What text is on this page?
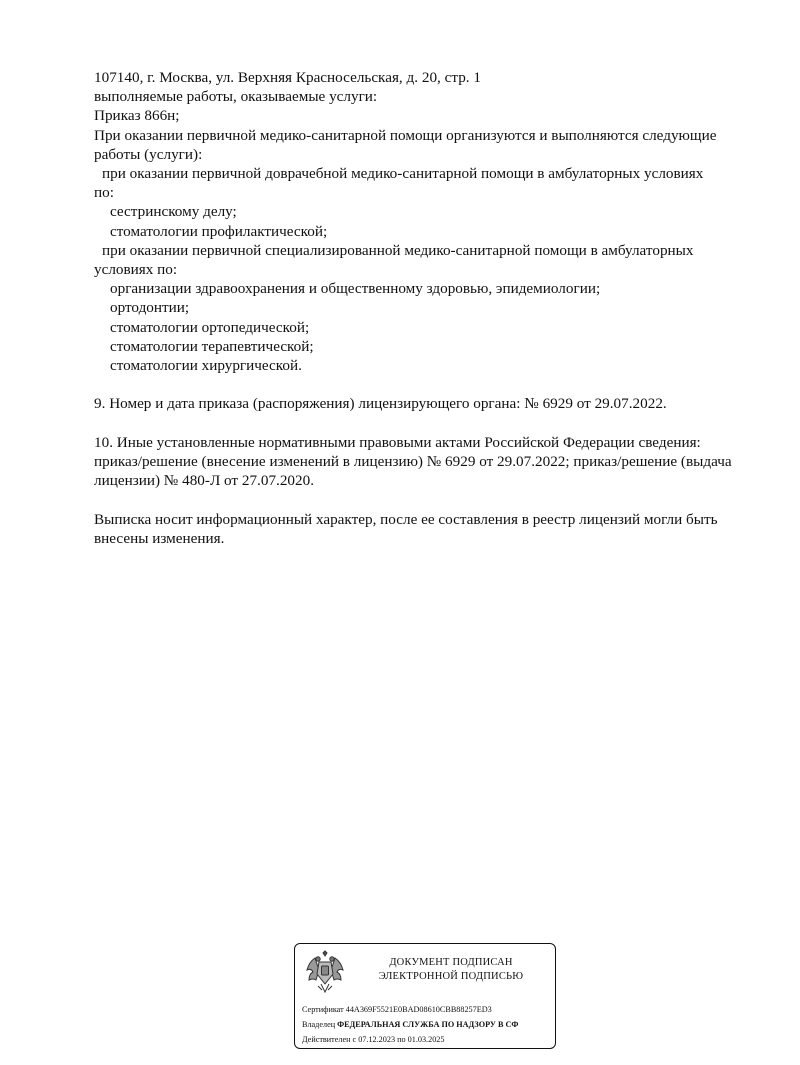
107140, г. Москва, ул. Верхняя Красносельская, д. 20, стр. 1
выполняемые работы, оказываемые услуги:
Приказ 866н;
При оказании первичной медико-санитарной помощи организуются и выполняются следующие
работы (услуги):
при оказании первичной доврачебной медико-санитарной помощи в амбулаторных условиях
по:
сестринскому делу;
стоматологии профилактической;
при оказании первичной специализированной медико-санитарной помощи в амбулаторных
условиях по:
организации здравоохранения и общественному здоровью, эпидемиологии;
ортодонтии;
стоматологии ортопедической;
стоматологии терапевтической;
стоматологии хирургической.
9. Номер и дата приказа (распоряжения) лицензирующего органа: № 6929 от 29.07.2022.
10. Иные установленные нормативными правовыми актами Российской Федерации сведения:
приказ/решение (внесение изменений в лицензию) № 6929 от 29.07.2022; приказ/решение (выдача
лицензии) № 480-Л от 27.07.2020.
Выписка носит информационный характер, после ее составления в реестр лицензий могли быть
внесены изменения.
ДОКУМЕНТ ПОДПИСАН
ЭЛЕКТРОННОЙ ПОДПИСЬЮ
Сертификат 44A369F5521E0BAD08610CBB88257ED3
Владелец ФЕДЕРАЛЬНАЯ СЛУЖБА ПО НАДЗОРУ В СФ
Действителен с 07.12.2023 по 01.03.2025
